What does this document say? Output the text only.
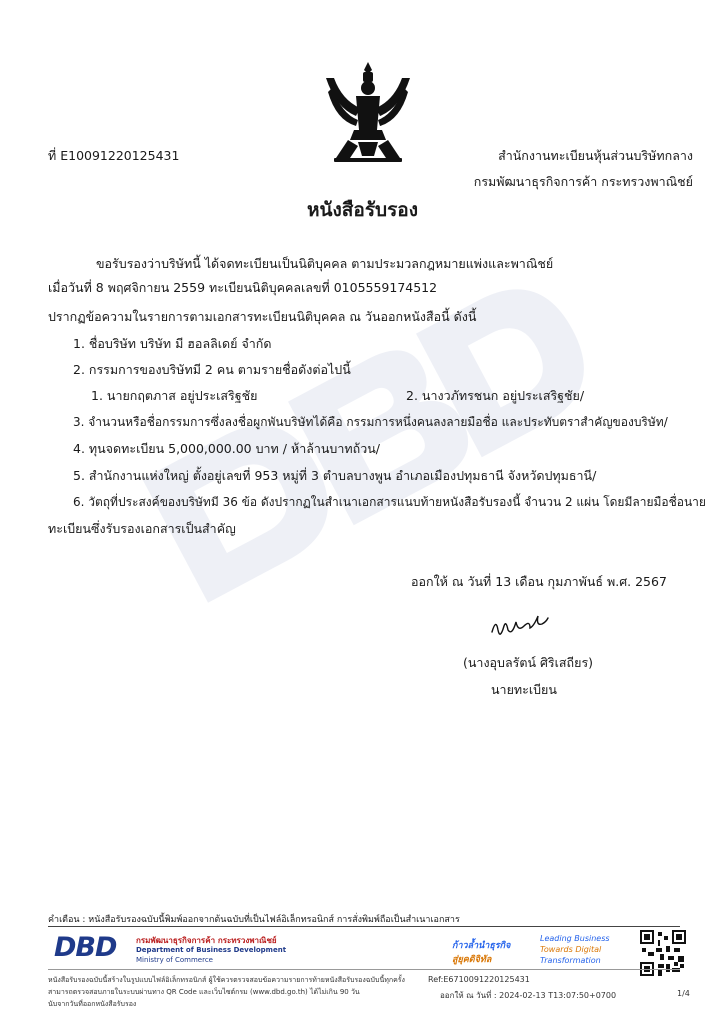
ที่ E10091220125431	สำนักงานทะเบียนหุ้นส่วนบริษัทกลาง
กรมพัฒนาธุรกิจการค้า กระทรวงพาณิชย์
หนังสือรับรอง
ขอรับรองว่าบริษัทนี้ ได้จดทะเบียนเป็นนิติบุคคล ตามประมวลกฎหมายแพ่งและพาณิชย์
เมื่อวันที่ 8 พฤศจิกายน 2559 ทะเบียนนิติบุคคลเลขที่ 0105559174512
ปรากฏข้อความในรายการตามเอกสารทะเบียนนิติบุคคล ณ วันออกหนังสือนี้ ดังนี้
1. ชื่อบริษัท บริษัท มี ฮอลลิเดย์ จำกัด
2. กรรมการของบริษัทมี 2 คน ตามรายชื่อดังต่อไปนี้
1. นายกฤตภาส อยู่ประเสริฐชัย	2. นางวภัทรชนก อยู่ประเสริฐชัย/
3. จำนวนหรือชื่อกรรมการซึ่งลงชื่อผูกพันบริษัทได้คือ กรรมการหนึ่งคนลงลายมือชื่อ และประทับตราสำคัญของบริษัท/
4. ทุนจดทะเบียน 5,000,000.00 บาท / ห้าล้านบาทถ้วน/
5. สำนักงานแห่งใหญ่ ตั้งอยู่เลขที่ 953 หมู่ที่ 3 ตำบลบางพูน อำเภอเมืองปทุมธานี จังหวัดปทุมธานี/
6. วัตถุที่ประสงค์ของบริษัทมี 36 ข้อ ดังปรากฏในสำเนาเอกสารแนบท้ายหนังสือรับรองนี้ จำนวน 2 แผ่น โดยมีลายมือชื่อนาย
ทะเบียนซึ่งรับรองเอกสารเป็นสำคัญ
ออกให้ ณ วันที่ 13 เดือน กุมภาพันธ์ พ.ศ. 2567
(นางอุบลรัตน์ ศิริเสถียร)
นายทะเบียน
คำเตือน : หนังสือรับรองฉบับนี้พิมพ์ออกจากต้นฉบับที่เป็นไฟล์อิเล็กทรอนิกส์ การสั่งพิมพ์ถือเป็นสำเนาเอกสาร
DBD กรมพัฒนาธุรกิจการค้า กระทรวงพาณิชย์
Department of Business Development
Ministry of Commerce
ก้าวล้ำนำธุรกิจ
สู่ยุคดิจิทัล
Leading Business
Towards Digital
Transformation
หนังสือรับรองฉบับนี้สร้างในรูปแบบไฟล์อิเล็กทรอนิกส์ ผู้ใช้ควรตรวจสอบข้อความรายการท้ายหนังสือรับรองฉบับนี้ทุกครั้ง
สามารถตรวจสอบภายในระบบผ่านทาง QR Code และเว็บไซต์กรม (www.dbd.go.th) ได้ไม่เกิน 90 วัน
นับจากวันที่ออกหนังสือรับรอง
Ref:E6710091220125431
ออกให้ ณ วันที่ : 2024-02-13 T13:07:50+0700	1/4
